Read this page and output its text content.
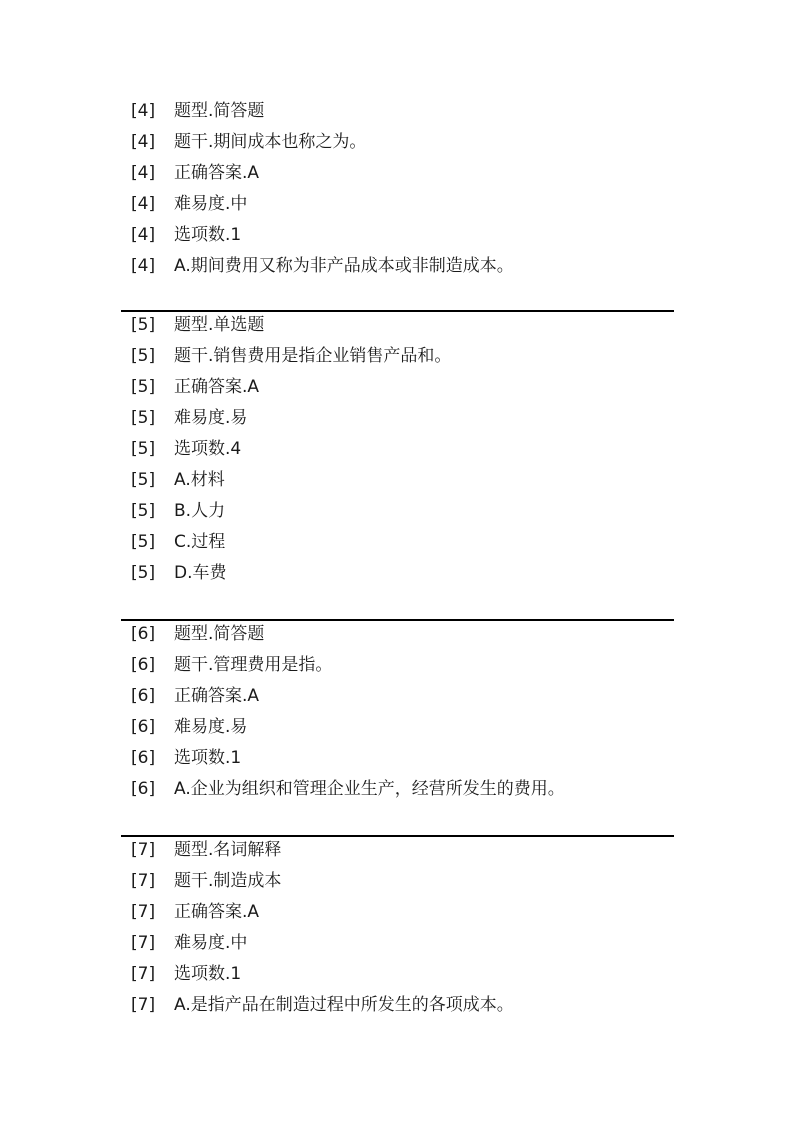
[4] 题型.简答题
[4] 题干.期间成本也称之为。
[4] 正确答案.A
[4] 难易度.中
[4] 选项数.1
[4] A.期间费用又称为非产品成本或非制造成本。
[5] 题型.单选题
[5] 题干.销售费用是指企业销售产品和。
[5] 正确答案.A
[5] 难易度.易
[5] 选项数.4
[5] A.材料
[5] B.人力
[5] C.过程
[5] D.车费
[6] 题型.简答题
[6] 题干.管理费用是指。
[6] 正确答案.A
[6] 难易度.易
[6] 选项数.1
[6] A.企业为组织和管理企业生产，经营所发生的费用。
[7] 题型.名词解释
[7] 题干.制造成本
[7] 正确答案.A
[7] 难易度.中
[7] 选项数.1
[7] A.是指产品在制造过程中所发生的各项成本。
